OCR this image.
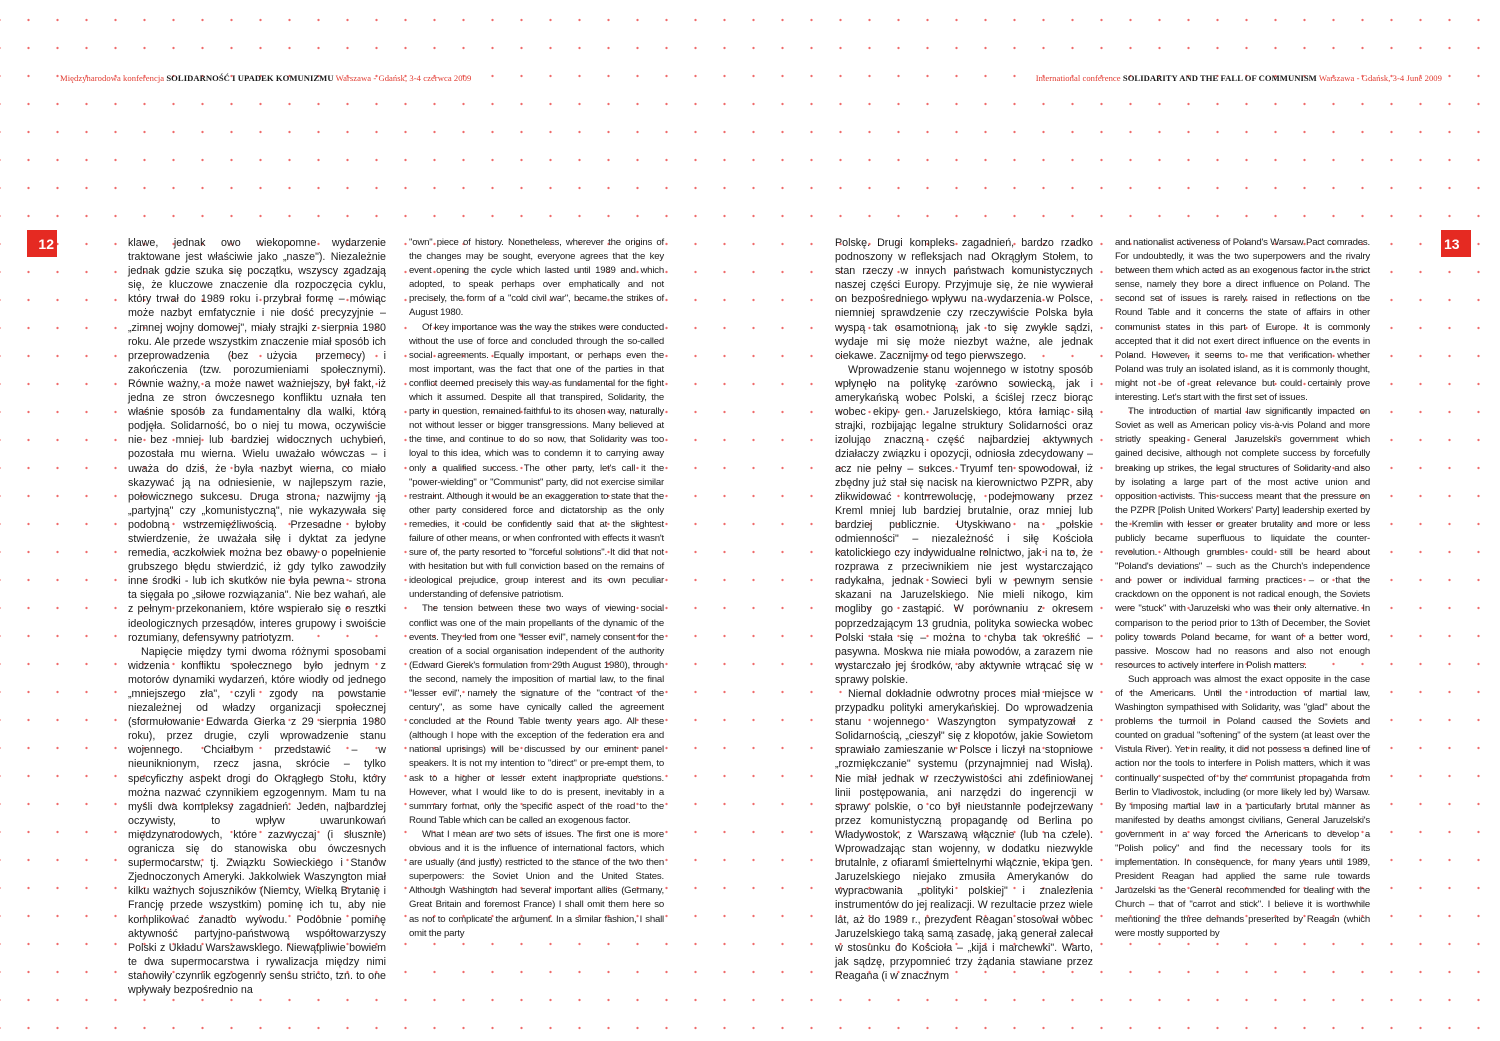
Międzynarodowa konferencja SOLIDARNOŚĆ I UPADEK KOMUNIZMU Warszawa - Gdańsk, 3-4 czerwca 2009	International conference SOLIDARITY AND THE FALL OF COMMUNISM Warszawa - Gdańsk, 3-4 June 2009
12	13

klawe, jednak owo wiekopomne wydarzenie traktowane jest właściwie jako „nasze"). Niezależnie jednak gdzie szuka się początku, wszyscy zgadzają się, że kluczowe znaczenie dla rozpoczęcia cyklu, który trwał do 1989 roku i przybrał formę – mówiąc może nazbyt emfatycznie i nie dość precyzyjnie – „zimnej wojny domowej", miały strajki z sierpnia 1980 roku. Ale przede wszystkim znaczenie miał sposób ich przeprowadzenia (bez użycia przemocy) i zakończenia (tzw. porozumieniami społecznymi). Równie ważny, a może nawet ważniejszy, był fakt, iż jedna ze stron ówczesnego konfliktu uznała ten właśnie sposób za fundamentalny dla walki, którą podjęła. Solidarność, bo o niej tu mowa, oczywiście nie bez mniej lub bardziej widocznych uchybień, pozostała mu wierna. Wielu uważało wówczas – i uważa do dziś, że była nazbyt wierna, co miało skazywać ją na odniesienie, w najlepszym razie, połowicznego sukcesu. Druga strona, nazwijmy ją „partyjną" czy „komunistyczną", nie wykazywała się podobną wstrzemięźliwością. Przesadne byłoby stwierdzenie, że uważała siłę i dyktat za jedyne remedia, aczkolwiek można bez obawy o popełnienie grubszego błędu stwierdzić, iż gdy tylko zawodziły inne środki - lub ich skutków nie była pewna - strona ta sięgała po „siłowe rozwiązania". Nie bez wahań, ale z pełnym przekonaniem, które wspierało się o resztki ideologicznych przesądów, interes grupowy i swoiście rozumiany, defensywny patriotyzm.

Napięcie między tymi dwoma różnymi sposobami widzenia konfliktu społecznego było jednym z motorów dynamiki wydarzeń, które wiodły od jednego „mniejszego zła", czyli zgody na powstanie niezależnej od władzy organizacji społecznej (sformułowanie Edwarda Gierka z 29 sierpnia 1980 roku), przez drugie, czyli wprowadzenie stanu wojennego. Chciałbym przedstawić – w nieuniknionym, rzecz jasna, skrócie – tylko specyficzny aspekt drogi do Okrągłego Stołu, który można nazwać czynnikiem egzogennym. Mam tu na myśli dwa kompleksy zagadnień. Jeden, najbardziej oczywisty, to wpływ uwarunkowań międzynarodowych, które zazwyczaj (i słusznie) ogranicza się do stanowiska obu ówczesnych supermocarstw, tj. Związku Sowieckiego i Stanów Zjednoczonych Ameryki. Jakkolwiek Waszyngton miał kilku ważnych sojuszników (Niemcy, Wielką Brytanię i Francję przede wszystkim) pominę ich tu, aby nie komplikować zanadto wywodu. Podobnie pominę aktywność partyjno-państwową współtowarzyszy Polski z Układu Warszawskiego. Niewątpliwie bowiem te dwa supermocarstwa i rywalizacja między nimi stanowiły czynnik egzogenny sensu stricto, tzn. to one wpływały bezpośrednio na

"own" piece of history. Nonetheless, wherever the origins of the changes may be sought, everyone agrees that the key event opening the cycle which lasted until 1989 and which adopted, to speak perhaps over emphatically and not precisely, the form of a "cold civil war", became the strikes of August 1980.

Of key importance was the way the strikes were conducted without the use of force and concluded through the so-called social agreements. Equally important, or perhaps even the most important, was the fact that one of the parties in that conflict deemed precisely this way as fundamental for the fight which it assumed. Despite all that transpired, Solidarity, the party in question, remained faithful to its chosen way, naturally not without lesser or bigger transgressions. Many believed at the time, and continue to do so now, that Solidarity was too loyal to this idea, which was to condemn it to carrying away only a qualified success. The other party, let's call it the "power-wielding" or "Communist" party, did not exercise similar restraint. Although it would be an exaggeration to state that the other party considered force and dictatorship as the only remedies, it could be confidently said that at the slightest failure of other means, or when confronted with effects it wasn't sure of, the party resorted to "forceful solutions". It did that not with hesitation but with full conviction based on the remains of ideological prejudice, group interest and its own peculiar understanding of defensive patriotism.

The tension between these two ways of viewing social conflict was one of the main propellants of the dynamic of the events. They led from one "lesser evil", namely consent for the creation of a social organisation independent of the authority (Edward Gierek's formulation from 29th August 1980), through the second, namely the imposition of martial law, to the final "lesser evil", namely the signature of the "contract of the century", as some have cynically called the agreement concluded at the Round Table twenty years ago. All these (although I hope with the exception of the federation era and national uprisings) will be discussed by our eminent panel speakers. It is not my intention to "direct" or pre-empt them, to ask to a higher or lesser extent inappropriate questions. However, what I would like to do is present, inevitably in a summary format, only the specific aspect of the road to the Round Table which can be called an exogenous factor.

What I mean are two sets of issues. The first one is more obvious and it is the influence of international factors, which are usually (and justly) restricted to the stance of the two then superpowers: the Soviet Union and the United States. Although Washington had several important allies (Germany, Great Britain and foremost France) I shall omit them here so as not to complicate the argument. In a similar fashion, I shall omit the party

Polskę. Drugi kompleks zagadnień, bardzo rzadko podnoszony w refleksjach nad Okrągłym Stołem, to stan rzeczy w innych państwach komunistycznych naszej części Europy. Przyjmuje się, że nie wywierał on bezpośredniego wpływu na wydarzenia w Polsce, niemniej sprawdzenie czy rzeczywiście Polska była wyspą tak osamotnioną, jak to się zwykle sądzi, wydaje mi się może niezbyt ważne, ale jednak ciekawe. Zacznijmy od tego pierwszego.

Wprowadzenie stanu wojennego w istotny sposób wpłynęło na politykę zarówno sowiecką, jak i amerykańską wobec Polski, a ściślej rzecz biorąc wobec ekipy gen. Jaruzelskiego, która łamiąc siłą strajki, rozbijając legalne struktury Solidarności oraz izolując znaczną część najbardziej aktywnych działaczy związku i opozycji, odniosła zdecydowany – acz nie pełny – sukces. Tryumf ten spowodował, iż zbędny już stał się nacisk na kierownictwo PZPR, aby zlikwidować kontrrewolucję, podejmowany przez Kreml mniej lub bardziej brutalnie, oraz mniej lub bardziej publicznie. Utyskiwano na „polskie odmienności" – niezależność i siłę Kościoła katolickiego czy indywidualne rolnictwo, jak i na to, że rozprawa z przeciwnikiem nie jest wystarczająco radykalna, jednak Sowieci byli w pewnym sensie skazani na Jaruzelskiego. Nie mieli nikogo, kim mogliby go zastąpić. W porównaniu z okresem poprzedzającym 13 grudnia, polityka sowiecka wobec Polski stała się – można to chyba tak określić – pasywna. Moskwa nie miała powodów, a zarazem nie wystarczało jej środków, aby aktywnie wtrącać się w sprawy polskie.

Niemal dokładnie odwrotny proces miał miejsce w przypadku polityki amerykańskiej. Do wprowadzenia stanu wojennego Waszyngton sympatyzował z Solidarnością, „cieszył" się z kłopotów, jakie Sowietom sprawiało zamieszanie w Polsce i liczył na stopniowe „rozmiękczanie" systemu (przynajmniej nad Wisłą). Nie miał jednak w rzeczywistości ani zdefiniowanej linii postępowania, ani narzędzi do ingerencji w sprawy polskie, o co był nieustannie podejrzewany przez komunistyczną propagandę od Berlina po Władywostok, z Warszawą włącznie (lub na czele). Wprowadzając stan wojenny, w dodatku niezwykle brutalnie, z ofiarami śmiertelnymi włącznie, ekipa gen. Jaruzelskiego niejako zmusiła Amerykanów do wypracowania „polityki polskiej" i znalezienia instrumentów do jej realizacji. W rezultacie przez wiele lat, aż do 1989 r., prezydent Reagan stosował wobec Jaruzelskiego taką samą zasadę, jaką generał zalecał w stosunku do Kościoła – „kija i marchewki". Warto, jak sądzę, przypomnieć trzy żądania stawiane przez Reagana (i w znacznym

and nationalist activeness of Poland's Warsaw Pact comrades. For undoubtedly, it was the two superpowers and the rivalry between them which acted as an exogenous factor in the strict sense, namely they bore a direct influence on Poland. The second set of issues is rarely raised in reflections on the Round Table and it concerns the state of affairs in other communist states in this part of Europe. It is commonly accepted that it did not exert direct influence on the events in Poland. However, it seems to me that verification whether Poland was truly an isolated island, as it is commonly thought, might not be of great relevance but could certainly prove interesting. Let's start with the first set of issues.

The introduction of martial law significantly impacted on Soviet as well as American policy vis-à-vis Poland and more strictly speaking General Jaruzelski's government which gained decisive, although not complete success by forcefully breaking up strikes, the legal structures of Solidarity and also by isolating a large part of the most active union and opposition activists. This success meant that the pressure on the PZPR [Polish United Workers' Party] leadership exerted by the Kremlin with lesser or greater brutality and more or less publicly became superfluous to liquidate the counter-revolution. Although grumbles could still be heard about "Poland's deviations" – such as the Church's independence and power or individual farming practices – or that the crackdown on the opponent is not radical enough, the Soviets were "stuck" with Jaruzelski who was their only alternative. In comparison to the period prior to 13th of December, the Soviet policy towards Poland became, for want of a better word, passive. Moscow had no reasons and also not enough resources to actively interfere in Polish matters.

Such approach was almost the exact opposite in the case of the Americans. Until the introduction of martial law, Washington sympathised with Solidarity, was "glad" about the problems the turmoil in Poland caused the Soviets and counted on gradual "softening" of the system (at least over the Vistula River). Yet in reality, it did not possess a defined line of action nor the tools to interfere in Polish matters, which it was continually suspected of by the communist propaganda from Berlin to Vladivostok, including (or more likely led by) Warsaw. By imposing martial law in a particularly brutal manner as manifested by deaths amongst civilians, General Jaruzelski's government in a way forced the Americans to develop a "Polish policy" and find the necessary tools for its implementation. In consequence, for many years until 1989, President Reagan had applied the same rule towards Jaruzelski as the General recommended for dealing with the Church – that of "carrot and stick". I believe it is worthwhile mentioning the three demands presented by Reagan (which were mostly supported by
